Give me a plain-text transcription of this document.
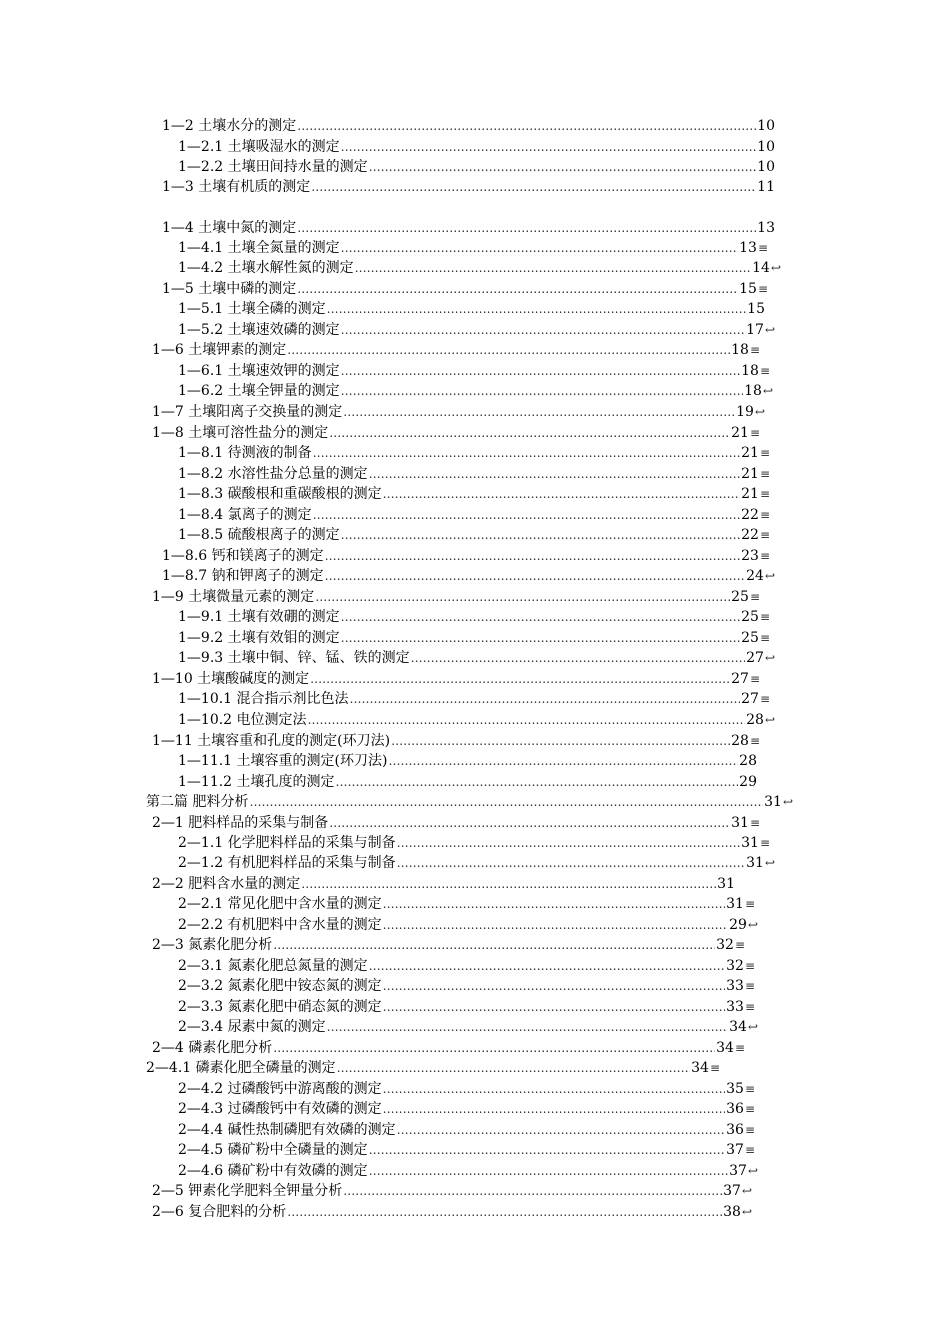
1—2 土壤水分的测定 ……………………………………………………………………………………………………………………………………………………………………………………………………………………………………	10
1—2.1 土壤吸湿水的测定 ……………………………………………………………………………………………………………………………………………………………………………………………………………………………………	10
1—2.2 土壤田间持水量的测定 ……………………………………………………………………………………………………………………………………………………………………………………………………………………………………	10
1—3 土壤有机质的测定 ……………………………………………………………………………………………………………………………………………………………………………………………………………………………………	11
1—4 土壤中氮的测定 ……………………………………………………………………………………………………………………………………………………………………………………………………………………………………	13
1—4.1 土壤全氮量的测定 ……………………………………………………………………………………………………………………………………………………………………………………………………………………………………	13 ≡
1—4.2 土壤水解性氮的测定 ……………………………………………………………………………………………………………………………………………………………………………………………………………………………………	14 ↩
1—5 土壤中磷的测定 ……………………………………………………………………………………………………………………………………………………………………………………………………………………………………	15 ≡
1—5.1 土壤全磷的测定 ……………………………………………………………………………………………………………………………………………………………………………………………………………………………………	15
1—5.2 土壤速效磷的测定 ……………………………………………………………………………………………………………………………………………………………………………………………………………………………………	17 ↩
1—6 土壤钾素的测定 ……………………………………………………………………………………………………………………………………………………………………………………………………………………………………	18 ≡
1—6.1 土壤速效钾的测定 ……………………………………………………………………………………………………………………………………………………………………………………………………………………………………	18 ≡
1—6.2 土壤全钾量的测定 ……………………………………………………………………………………………………………………………………………………………………………………………………………………………………	18 ↩
1—7 土壤阳离子交换量的测定 ……………………………………………………………………………………………………………………………………………………………………………………………………………………………………	19 ↩
1—8 土壤可溶性盐分的测定 ……………………………………………………………………………………………………………………………………………………………………………………………………………………………………	21 ≡
1—8.1 待测液的制备 ……………………………………………………………………………………………………………………………………………………………………………………………………………………………………	21 ≡
1—8.2 水溶性盐分总量的测定 ……………………………………………………………………………………………………………………………………………………………………………………………………………………………………	21 ≡
1—8.3 碳酸根和重碳酸根的测定 ……………………………………………………………………………………………………………………………………………………………………………………………………………………………………	21 ≡
1—8.4 氯离子的测定 ……………………………………………………………………………………………………………………………………………………………………………………………………………………………………	22 ≡
1—8.5 硫酸根离子的测定 ……………………………………………………………………………………………………………………………………………………………………………………………………………………………………	22 ≡
1—8.6 钙和镁离子的测定 ……………………………………………………………………………………………………………………………………………………………………………………………………………………………………	23 ≡
1—8.7 钠和钾离子的测定 ……………………………………………………………………………………………………………………………………………………………………………………………………………………………………	24 ↩
1—9 土壤微量元素的测定 ……………………………………………………………………………………………………………………………………………………………………………………………………………………………………	25 ≡
1—9.1 土壤有效硼的测定 ……………………………………………………………………………………………………………………………………………………………………………………………………………………………………	25 ≡
1—9.2 土壤有效钼的测定 ……………………………………………………………………………………………………………………………………………………………………………………………………………………………………	25 ≡
1—9.3 土壤中铜、锌、锰、铁的测定 ……………………………………………………………………………………………………………………………………………………………………………………………………………………………………	27 ↩
1—10 土壤酸碱度的测定 ……………………………………………………………………………………………………………………………………………………………………………………………………………………………………	27 ≡
1—10.1 混合指示剂比色法 ……………………………………………………………………………………………………………………………………………………………………………………………………………………………………	27 ≡
1—10.2 电位测定法 ……………………………………………………………………………………………………………………………………………………………………………………………………………………………………	28 ↩
1—11 土壤容重和孔度的测定(环刀法) ……………………………………………………………………………………………………………………………………………………………………………………………………………………………………	28 ≡
1—11.1 土壤容重的测定(环刀法) ……………………………………………………………………………………………………………………………………………………………………………………………………………………………………	28
1—11.2 土壤孔度的测定 ……………………………………………………………………………………………………………………………………………………………………………………………………………………………………	29
第二篇 肥料分析 ……………………………………………………………………………………………………………………………………………………………………………………………………………………………………	31 ↩
2—1 肥料样品的采集与制备 ……………………………………………………………………………………………………………………………………………………………………………………………………………………………………	31 ≡
2—1.1 化学肥料样品的采集与制备 ……………………………………………………………………………………………………………………………………………………………………………………………………………………………………	31 ≡
2—1.2 有机肥料样品的采集与制备 ……………………………………………………………………………………………………………………………………………………………………………………………………………………………………	31 ↩
2—2 肥料含水量的测定 ……………………………………………………………………………………………………………………………………………………………………………………………………………………………………	31
2—2.1 常见化肥中含水量的测定 ……………………………………………………………………………………………………………………………………………………………………………………………………………………………………	31 ≡
2—2.2 有机肥料中含水量的测定 ……………………………………………………………………………………………………………………………………………………………………………………………………………………………………	29 ↩
2—3 氮素化肥分析 ……………………………………………………………………………………………………………………………………………………………………………………………………………………………………	32 ≡
2—3.1 氮素化肥总氮量的测定 ……………………………………………………………………………………………………………………………………………………………………………………………………………………………………	32 ≡
2—3.2 氮素化肥中铵态氮的测定 ……………………………………………………………………………………………………………………………………………………………………………………………………………………………………	33 ≡
2—3.3 氮素化肥中硝态氮的测定 ……………………………………………………………………………………………………………………………………………………………………………………………………………………………………	33 ≡
2—3.4 尿素中氮的测定 ……………………………………………………………………………………………………………………………………………………………………………………………………………………………………	34 ↩
2—4 磷素化肥分析 ……………………………………………………………………………………………………………………………………………………………………………………………………………………………………	34 ≡
2—4.1 磷素化肥全磷量的测定 ……………………………………………………………………………………………………………………………………………………………………………………………………………………………………	34 ≡
2—4.2 过磷酸钙中游离酸的测定 ……………………………………………………………………………………………………………………………………………………………………………………………………………………………………	35 ≡
2—4.3 过磷酸钙中有效磷的测定 ……………………………………………………………………………………………………………………………………………………………………………………………………………………………………	36 ≡
2—4.4 碱性热制磷肥有效磷的测定 ……………………………………………………………………………………………………………………………………………………………………………………………………………………………………	36 ≡
2—4.5 磷矿粉中全磷量的测定 ……………………………………………………………………………………………………………………………………………………………………………………………………………………………………	37 ≡
2—4.6 磷矿粉中有效磷的测定 ……………………………………………………………………………………………………………………………………………………………………………………………………………………………………	37 ↩
2—5 钾素化学肥料全钾量分析 ……………………………………………………………………………………………………………………………………………………………………………………………………………………………………	37 ↩
2—6 复合肥料的分析 ……………………………………………………………………………………………………………………………………………………………………………………………………………………………………	38 ↩
